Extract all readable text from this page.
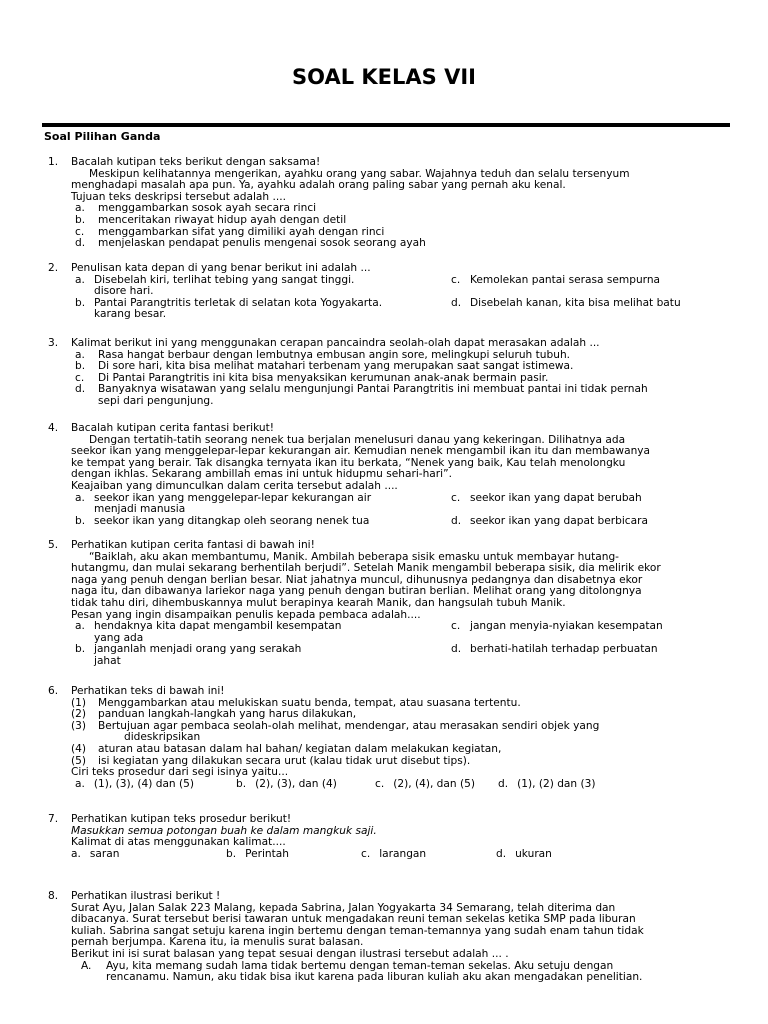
SOAL KELAS VII
Soal Pilihan Ganda
1. Bacalah kutipan teks berikut dengan saksama!
Meskipun kelihatannya mengerikan, ayahku orang yang sabar. Wajahnya teduh dan selalu tersenyum
menghadapi masalah apa pun. Ya, ayahku adalah orang paling sabar yang pernah aku kenal.
Tujuan teks deskripsi tersebut adalah ....
a. menggambarkan sosok ayah secara rinci
b. menceritakan riwayat hidup ayah dengan detil
c. menggambarkan sifat yang dimiliki ayah dengan rinci
d. menjelaskan pendapat penulis mengenai sosok seorang ayah
2. Penulisan kata depan di yang benar berikut ini adalah ...
a. Disebelah kiri, terlihat tebing yang sangat tinggi.
disore hari.
c. Kemolekan pantai serasa sempurna
b. Pantai Parangtritis terletak di selatan kota Yogyakarta.
karang besar.
d. Disebelah kanan, kita bisa melihat batu
3. Kalimat berikut ini yang menggunakan cerapan pancaindra seolah-olah dapat merasakan adalah ...
a. Rasa hangat berbaur dengan lembutnya embusan angin sore, melingkupi seluruh tubuh.
b. Di sore hari, kita bisa melihat matahari terbenam yang merupakan saat sangat istimewa.
c. Di Pantai Parangtritis ini kita bisa menyaksikan kerumunan anak-anak bermain pasir.
d. Banyaknya wisatawan yang selalu mengunjungi Pantai Parangtritis ini membuat pantai ini tidak pernah
sepi dari pengunjung.
4. Bacalah kutipan cerita fantasi berikut!
Dengan tertatih-tatih seorang nenek tua berjalan menelusuri danau yang kekeringan. Dilihatnya ada
seekor ikan yang menggelepar-lepar kekurangan air. Kemudian nenek mengambil ikan itu dan membawanya
ke tempat yang berair. Tak disangka ternyata ikan itu berkata, “Nenek yang baik, Kau telah menolongku
dengan ikhlas. Sekarang ambillah emas ini untuk hidupmu sehari-hari”.
Keajaiban yang dimunculkan dalam cerita tersebut adalah ....
a. seekor ikan yang menggelepar-lepar kekurangan air
menjadi manusia
c. seekor ikan yang dapat berubah
b. seekor ikan yang ditangkap oleh seorang nenek tua	d. seekor ikan yang dapat berbicara
5. Perhatikan kutipan cerita fantasi di bawah ini!
“Baiklah, aku akan membantumu, Manik. Ambilah beberapa sisik emasku untuk membayar hutang-
hutangmu, dan mulai sekarang berhentilah berjudi”. Setelah Manik mengambil beberapa sisik, dia melirik ekor
naga yang penuh dengan berlian besar. Niat jahatnya muncul, dihunusnya pedangnya dan disabetnya ekor
naga itu, dan dibawanya lariekor naga yang penuh dengan butiran berlian. Melihat orang yang ditolongnya
tidak tahu diri, dihembuskannya mulut berapinya kearah Manik, dan hangsulah tubuh Manik.
Pesan yang ingin disampaikan penulis kepada pembaca adalah....
a. hendaknya kita dapat mengambil kesempatan
yang ada
c. jangan menyia-nyiakan kesempatan
b. janganlah menjadi orang yang serakah
jahat
d. berhati-hatilah terhadap perbuatan
6. Perhatikan teks di bawah ini!
(1) Menggambarkan atau melukiskan suatu benda, tempat, atau suasana tertentu.
(2) panduan langkah-langkah yang harus dilakukan,
(3) Bertujuan agar pembaca seolah-olah melihat, mendengar, atau merasakan sendiri objek yang
dideskripsikan
(4) aturan atau batasan dalam hal bahan/ kegiatan dalam melakukan kegiatan,
(5) isi kegiatan yang dilakukan secara urut (kalau tidak urut disebut tips).
Ciri teks prosedur dari segi isinya yaitu...
a. (1), (3), (4) dan (5)	b. (2), (3), dan (4)	c. (2), (4), dan (5) d. (1), (2) dan (3)
7. Perhatikan kutipan teks prosedur berikut!
Masukkan semua potongan buah ke dalam mangkuk saji.
Kalimat di atas menggunakan kalimat....
a. saran	b. Perintah	c. larangan	d. ukuran
8. Perhatikan ilustrasi berikut !
Surat Ayu, Jalan Salak 223 Malang, kepada Sabrina, Jalan Yogyakarta 34 Semarang, telah diterima dan
dibacanya. Surat tersebut berisi tawaran untuk mengadakan reuni teman sekelas ketika SMP pada liburan
kuliah. Sabrina sangat setuju karena ingin bertemu dengan teman-temannya yang sudah enam tahun tidak
pernah berjumpa. Karena itu, ia menulis surat balasan.
Berikut ini isi surat balasan yang tepat sesuai dengan ilustrasi tersebut adalah ... .
A. Ayu, kita memang sudah lama tidak bertemu dengan teman-teman sekelas. Aku setuju dengan
rencanamu. Namun, aku tidak bisa ikut karena pada liburan kuliah aku akan mengadakan penelitian.
